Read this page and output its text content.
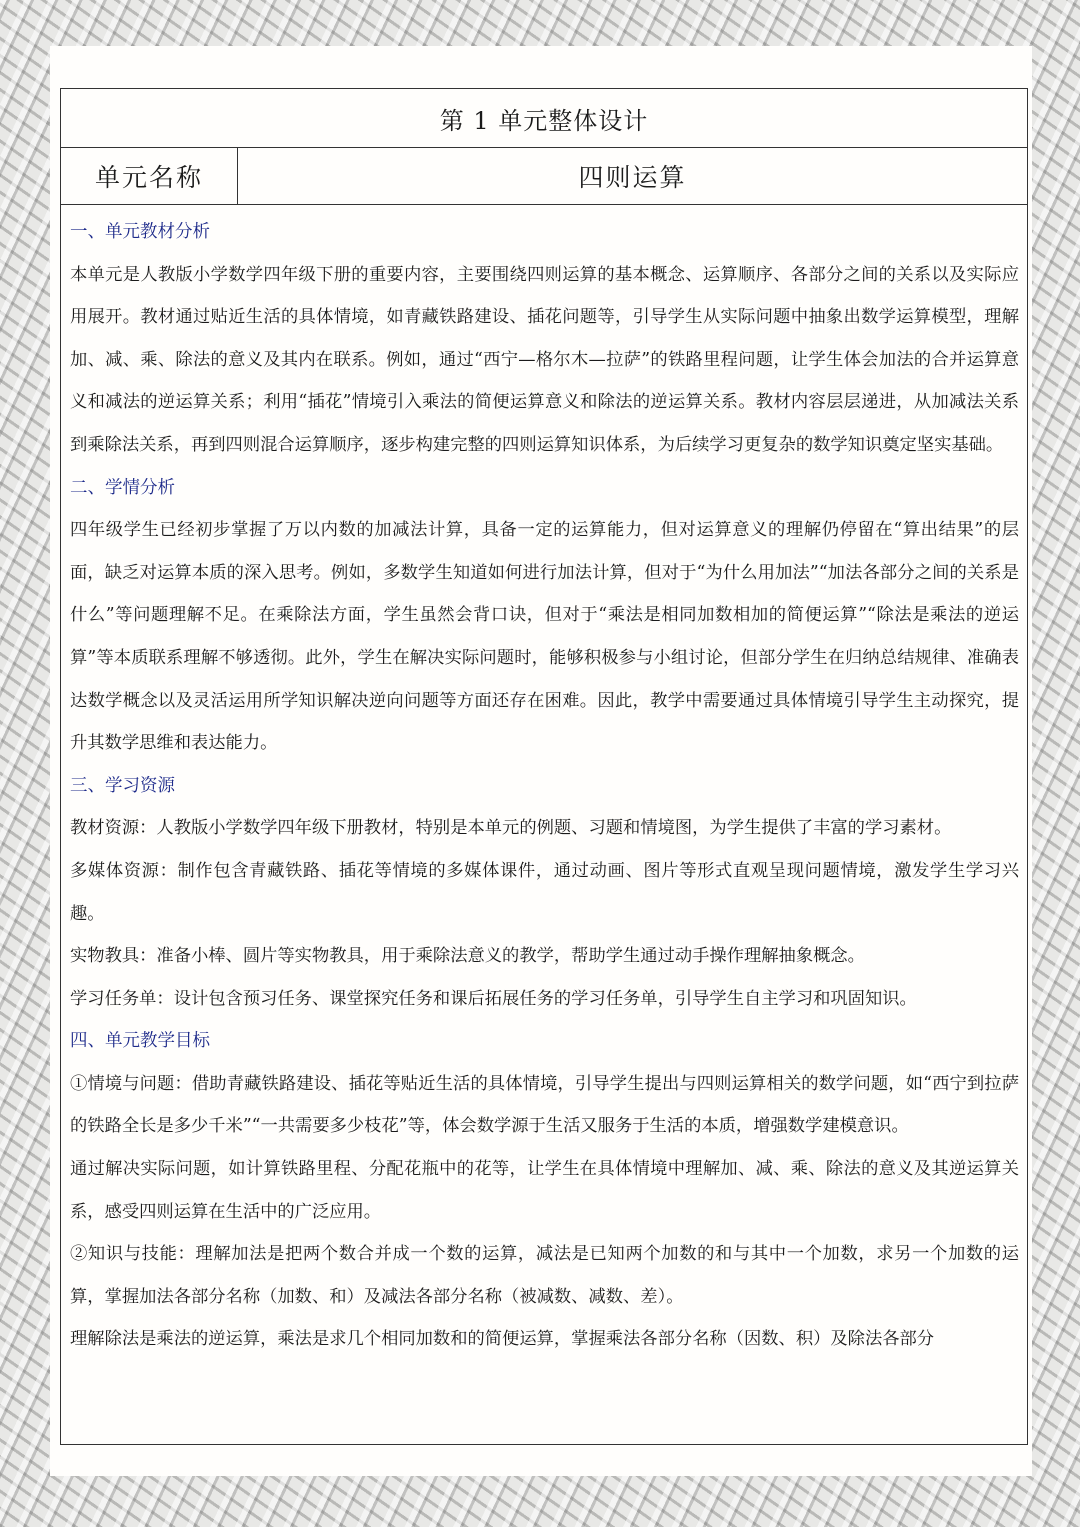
第 1 单元整体设计
单元名称	四则运算

一、单元教材分析

本单元是人教版小学数学四年级下册的重要内容，主要围绕四则运算的基本概念、运算顺序、各部分之间的关系以及实际应用展开。教材通过贴近生活的具体情境，如青藏铁路建设、插花问题等，引导学生从实际问题中抽象出数学运算模型，理解加、减、乘、除法的意义及其内在联系。例如，通过“西宁—格尔木—拉萨”的铁路里程问题，让学生体会加法的合并运算意义和减法的逆运算关系；利用“插花”情境引入乘法的简便运算意义和除法的逆运算关系。教材内容层层递进，从加减法关系到乘除法关系，再到四则混合运算顺序，逐步构建完整的四则运算知识体系，为后续学习更复杂的数学知识奠定坚实基础。

二、学情分析

四年级学生已经初步掌握了万以内数的加减法计算，具备一定的运算能力，但对运算意义的理解仍停留在“算出结果”的层面，缺乏对运算本质的深入思考。例如，多数学生知道如何进行加法计算，但对于“为什么用加法”“加法各部分之间的关系是什么”等问题理解不足。在乘除法方面，学生虽然会背口诀，但对于“乘法是相同加数相加的简便运算”“除法是乘法的逆运算”等本质联系理解不够透彻。此外，学生在解决实际问题时，能够积极参与小组讨论，但部分学生在归纳总结规律、准确表达数学概念以及灵活运用所学知识解决逆向问题等方面还存在困难。因此，教学中需要通过具体情境引导学生主动探究，提升其数学思维和表达能力。

三、学习资源

教材资源：人教版小学数学四年级下册教材，特别是本单元的例题、习题和情境图，为学生提供了丰富的学习素材。

多媒体资源：制作包含青藏铁路、插花等情境的多媒体课件，通过动画、图片等形式直观呈现问题情境，激发学生学习兴趣。

实物教具：准备小棒、圆片等实物教具，用于乘除法意义的教学，帮助学生通过动手操作理解抽象概念。

学习任务单：设计包含预习任务、课堂探究任务和课后拓展任务的学习任务单，引导学生自主学习和巩固知识。

四、单元教学目标

①情境与问题：借助青藏铁路建设、插花等贴近生活的具体情境，引导学生提出与四则运算相关的数学问题，如“西宁到拉萨的铁路全长是多少千米”“一共需要多少枝花”等，体会数学源于生活又服务于生活的本质，增强数学建模意识。

通过解决实际问题，如计算铁路里程、分配花瓶中的花等，让学生在具体情境中理解加、减、乘、除法的意义及其逆运算关系，感受四则运算在生活中的广泛应用。

②知识与技能：理解加法是把两个数合并成一个数的运算，减法是已知两个加数的和与其中一个加数，求另一个加数的运算，掌握加法各部分名称（加数、和）及减法各部分名称（被减数、减数、差）。

理解除法是乘法的逆运算，乘法是求几个相同加数和的简便运算，掌握乘法各部分名称（因数、积）及除法各部分
